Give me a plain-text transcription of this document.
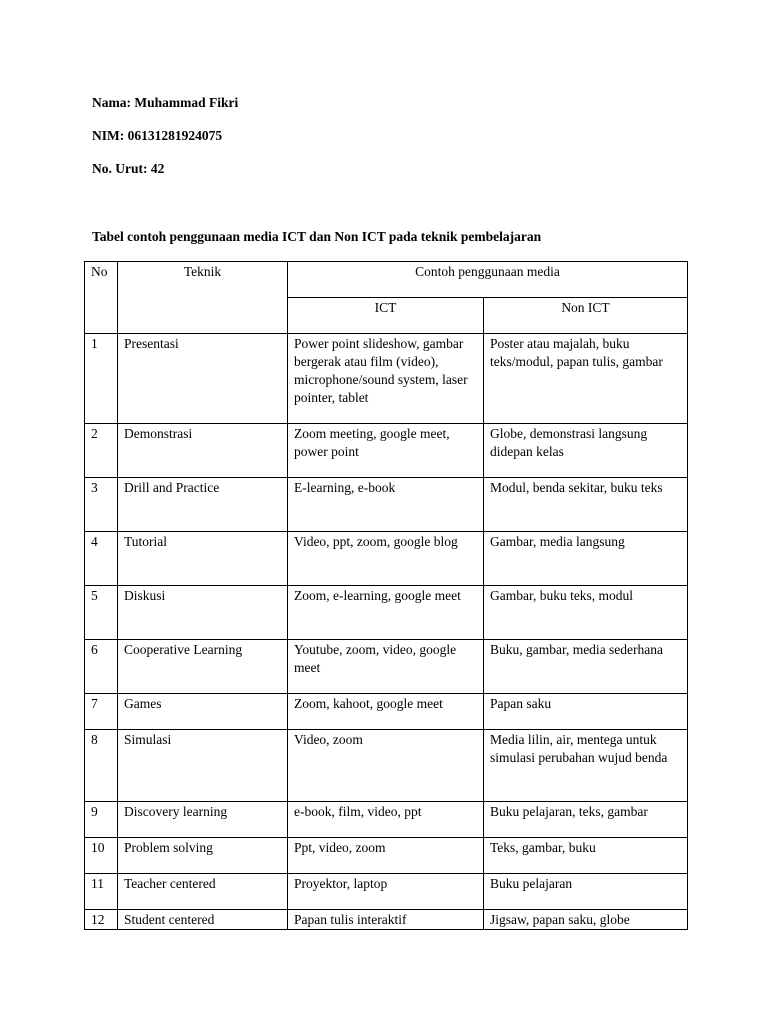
Nama: Muhammad Fikri
NIM: 06131281924075
No. Urut: 42
Tabel contoh penggunaan media ICT dan Non ICT pada teknik pembelajaran
No	Teknik	Contoh penggunaan media	
		ICT	Non ICT
1	Presentasi	Power point slideshow, gambar bergerak atau film (video), microphone/sound system, laser pointer, tablet	Poster atau majalah, buku teks/modul, papan tulis, gambar
2	Demonstrasi	Zoom meeting, google meet, power point	Globe, demonstrasi langsung didepan kelas
3	Drill and Practice	E-learning, e-book	Modul, benda sekitar, buku teks
4	Tutorial	Video, ppt, zoom, google blog	Gambar, media langsung
5	Diskusi	Zoom, e-learning, google meet	Gambar, buku teks, modul
6	Cooperative Learning	Youtube, zoom, video, google meet	Buku, gambar, media sederhana
7	Games	Zoom, kahoot, google meet	Papan saku
8	Simulasi	Video, zoom	Media lilin, air, mentega untuk simulasi perubahan wujud benda
9	Discovery learning	e-book, film, video, ppt	Buku pelajaran, teks, gambar
10	Problem solving	Ppt, video, zoom	Teks, gambar, buku
11	Teacher centered	Proyektor, laptop	Buku pelajaran
12	Student centered	Papan tulis interaktif	Jigsaw, papan saku, globe
